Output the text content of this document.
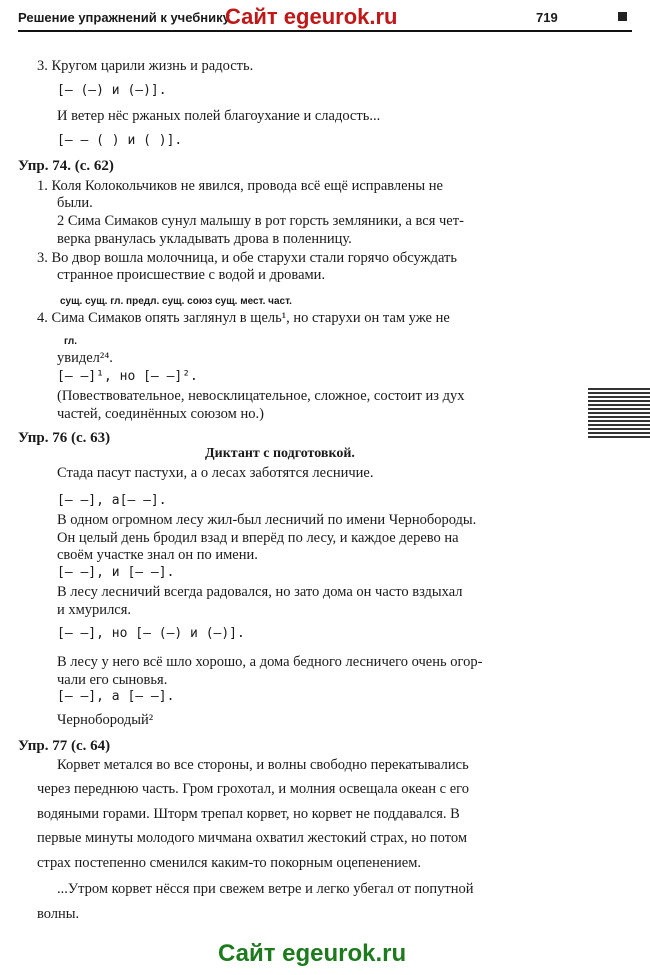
Решение упражнений к учебнику
Сайт egeurok.ru	719
3. Кругом царили жизнь и радость.
[— (—) и (—)].
И ветер нёс ржаных полей благоухание и сладость...
[— — ( ) и ( )].
Упр. 74. (с. 62)
1. Коля Колокольчиков не явился, провода всё ещё исправлены не
были.
2 Сима Симаков сунул малышу в рот горсть земляники, а вся чет-
верка рванулась укладывать дрова в поленницу.
3. Во двор вошла молочница, и обе старухи стали горячо обсуждать
странное происшествие с водой и дровами.
сущ. сущ. гл. предл. сущ. союз сущ. мест. част.
4. Сима Симаков опять заглянул в щель¹, но старухи он там уже не
гл.
увидел²⁴.
[— —]¹, но [— —]².
(Повествовательное, невосклицательное, сложное, состоит из дух
частей, соединённых союзом но.)
Упр. 76 (с. 63)
Диктант с подготовкой.
Стада пасут пастухи, а о лесах заботятся лесничие.
[— —], а[— —].
В одном огромном лесу жил-был лесничий по имени Чернобороды.
Он целый день бродил взад и вперёд по лесу, и каждое дерево на
своём участке знал он по имени.
[— —], и [— —].
В лесу лесничий всегда радовался, но зато дома он часто вздыхал
и хмурился.
[— —], но [— (—) и (—)].
В лесу у него всё шло хорошо, а дома бедного лесничего очень огор-
чали его сыновья.
[— —], а [— —].
Чернобородый²
Упр. 77 (с. 64)
Корвет метался во все стороны, и волны свободно перекатывались
через переднюю часть. Гром грохотал, и молния освещала океан с его
водяными горами. Шторм трепал корвет, но корвет не поддавался. В
первые минуты молодого мичмана охватил жестокий страх, но потом
страх постепенно сменился каким-то покорным оцепенением.
...Утром корвет нёсся при свежем ветре и легко убегал от попутной
волны.
Сайт egeurok.ru
